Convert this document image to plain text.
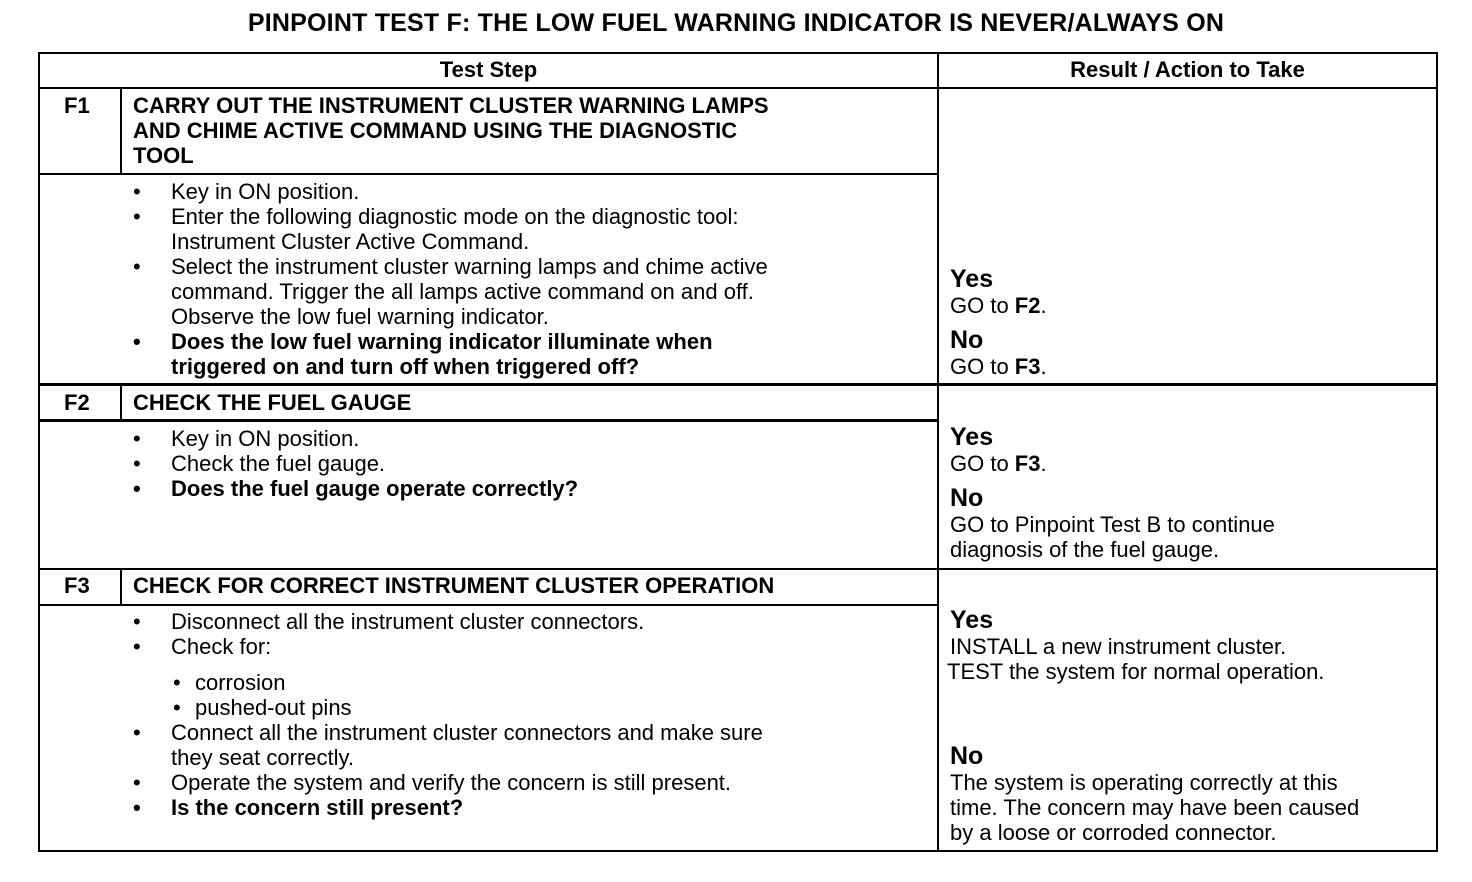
PINPOINT TEST F: THE LOW FUEL WARNING INDICATOR IS NEVER/ALWAYS ON
Test Step	Result / Action to Take
F1 CARRY OUT THE INSTRUMENT CLUSTER WARNING LAMPS
AND CHIME ACTIVE COMMAND USING THE DIAGNOSTIC
TOOL
• Key in ON position.
• Enter the following diagnostic mode on the diagnostic tool:
Instrument Cluster Active Command.
• Select the instrument cluster warning lamps and chime active
command. Trigger the all lamps active command on and off.
Observe the low fuel warning indicator.
• Does the low fuel warning indicator illuminate when
triggered on and turn off when triggered off?
Yes
GO to F2.
No
GO to F3.
F2 CHECK THE FUEL GAUGE
• Key in ON position.
• Check the fuel gauge.
• Does the fuel gauge operate correctly?
Yes
GO to F3.
No
GO to Pinpoint Test B to continue
diagnosis of the fuel gauge.
F3 CHECK FOR CORRECT INSTRUMENT CLUSTER OPERATION
• Disconnect all the instrument cluster connectors.
• Check for:
• corrosion
• pushed-out pins
• Connect all the instrument cluster connectors and make sure
they seat correctly.
• Operate the system and verify the concern is still present.
• Is the concern still present?
Yes
INSTALL a new instrument cluster.
TEST the system for normal operation.
No
The system is operating correctly at this
time. The concern may have been caused
by a loose or corroded connector.
